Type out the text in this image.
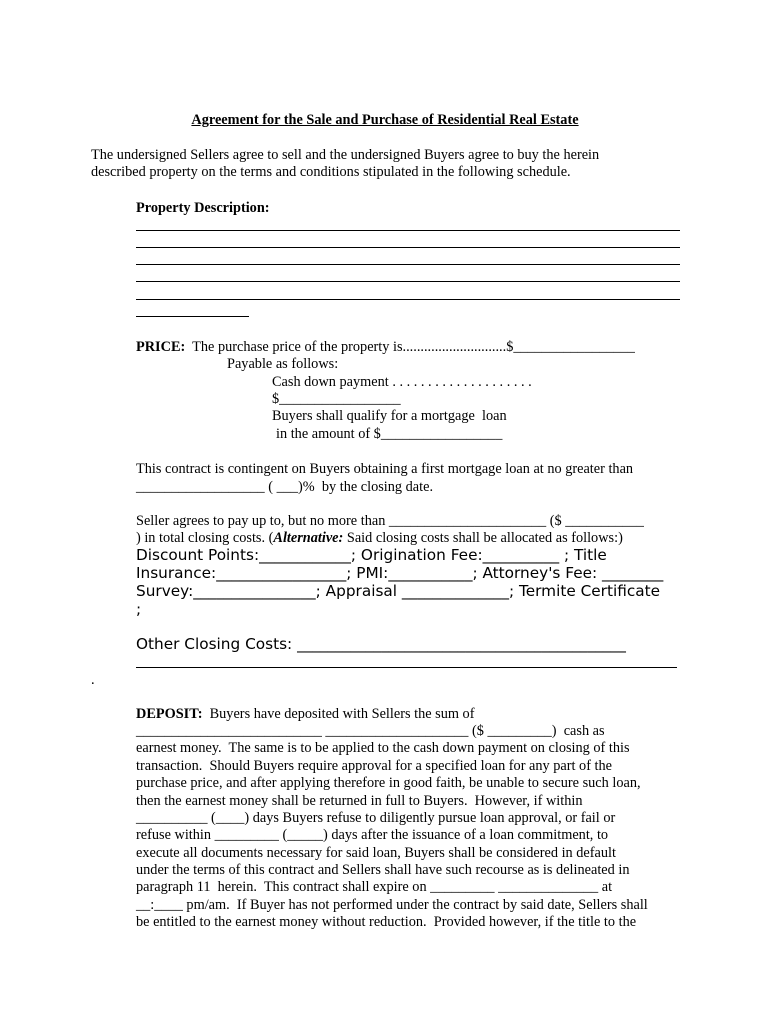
Agreement for the Sale and Purchase of Residential Real Estate
The undersigned Sellers agree to sell and the undersigned Buyers agree to buy the herein
described property on the terms and conditions stipulated in the following schedule.
Property Description:
PRICE: The purchase price of the property is.............................$_________________
Payable as follows:
Cash down payment . . . . . . . . . . . . . . . . . . . .
$_________________
Buyers shall qualify for a mortgage  loan
in the amount of $_________________
This contract is contingent on Buyers obtaining a first mortgage loan at no greater than
__________________ ( ___)%  by the closing date.
Seller agrees to pay up to, but no more than ______________________ ($ ___________
) in total closing costs. (Alternative: Said closing costs shall be allocated as follows:)
Discount Points:____________; Origination Fee:__________ ; Title
Insurance:_________________; PMI:___________; Attorney's Fee: ________
Survey:________________; Appraisal ______________; Termite Certificate
;
Other Closing Costs: ___________________________________________
.
DEPOSIT: Buyers have deposited with Sellers the sum of
__________________________ ____________________ ($ _________)  cash as
earnest money.  The same is to be applied to the cash down payment on closing of this
transaction.  Should Buyers require approval for a specified loan for any part of the
purchase price, and after applying therefore in good faith, be unable to secure such loan,
then the earnest money shall be returned in full to Buyers.  However, if within
__________ (____) days Buyers refuse to diligently pursue loan approval, or fail or
refuse within _________ (_____) days after the issuance of a loan commitment, to
execute all documents necessary for said loan, Buyers shall be considered in default
under the terms of this contract and Sellers shall have such recourse as is delineated in
paragraph 11  herein.  This contract shall expire on _________ ______________ at
__:____ pm/am.  If Buyer has not performed under the contract by said date, Sellers shall
be entitled to the earnest money without reduction.  Provided however, if the title to the
